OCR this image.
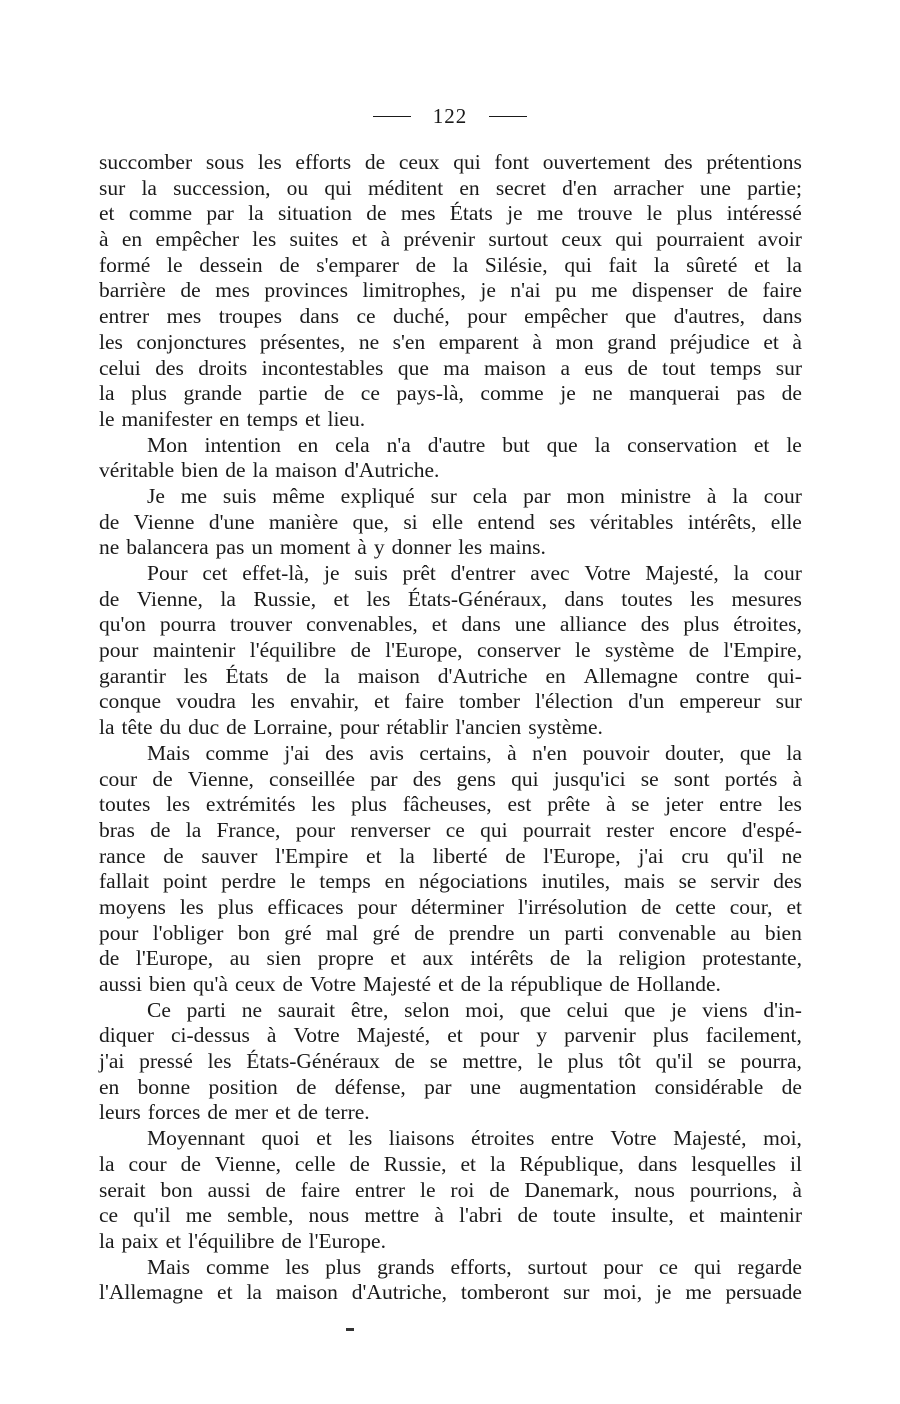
122
succomber sous les efforts de ceux qui font ouvertement des prétentions
sur la succession, ou qui méditent en secret d'en arracher une partie;
et comme par la situation de mes États je me trouve le plus intéressé
à en empêcher les suites et à prévenir surtout ceux qui pourraient avoir
formé le dessein de s'emparer de la Silésie, qui fait la sûreté et la
barrière de mes provinces limitrophes, je n'ai pu me dispenser de faire
entrer mes troupes dans ce duché, pour empêcher que d'autres, dans
les conjonctures présentes, ne s'en emparent à mon grand préjudice et à
celui des droits incontestables que ma maison a eus de tout temps sur
la plus grande partie de ce pays-là, comme je ne manquerai pas de
le manifester en temps et lieu.
Mon intention en cela n'a d'autre but que la conservation et le
véritable bien de la maison d'Autriche.
Je me suis même expliqué sur cela par mon ministre à la cour
de Vienne d'une manière que, si elle entend ses véritables intérêts, elle
ne balancera pas un moment à y donner les mains.
Pour cet effet-là, je suis prêt d'entrer avec Votre Majesté, la cour
de Vienne, la Russie, et les États-Généraux, dans toutes les mesures
qu'on pourra trouver convenables, et dans une alliance des plus étroites,
pour maintenir l'équilibre de l'Europe, conserver le système de l'Empire,
garantir les États de la maison d'Autriche en Allemagne contre qui-
conque voudra les envahir, et faire tomber l'élection d'un empereur sur
la tête du duc de Lorraine, pour rétablir l'ancien système.
Mais comme j'ai des avis certains, à n'en pouvoir douter, que la
cour de Vienne, conseillée par des gens qui jusqu'ici se sont portés à
toutes les extrémités les plus fâcheuses, est prête à se jeter entre les
bras de la France, pour renverser ce qui pourrait rester encore d'espé-
rance de sauver l'Empire et la liberté de l'Europe, j'ai cru qu'il ne
fallait point perdre le temps en négociations inutiles, mais se servir des
moyens les plus efficaces pour déterminer l'irrésolution de cette cour, et
pour l'obliger bon gré mal gré de prendre un parti convenable au bien
de l'Europe, au sien propre et aux intérêts de la religion protestante,
aussi bien qu'à ceux de Votre Majesté et de la république de Hollande.
Ce parti ne saurait être, selon moi, que celui que je viens d'in-
diquer ci-dessus à Votre Majesté, et pour y parvenir plus facilement,
j'ai pressé les États-Généraux de se mettre, le plus tôt qu'il se pourra,
en bonne position de défense, par une augmentation considérable de
leurs forces de mer et de terre.
Moyennant quoi et les liaisons étroites entre Votre Majesté, moi,
la cour de Vienne, celle de Russie, et la République, dans lesquelles il
serait bon aussi de faire entrer le roi de Danemark, nous pourrions, à
ce qu'il me semble, nous mettre à l'abri de toute insulte, et maintenir
la paix et l'équilibre de l'Europe.
Mais comme les plus grands efforts, surtout pour ce qui regarde
l'Allemagne et la maison d'Autriche, tomberont sur moi, je me persuade
